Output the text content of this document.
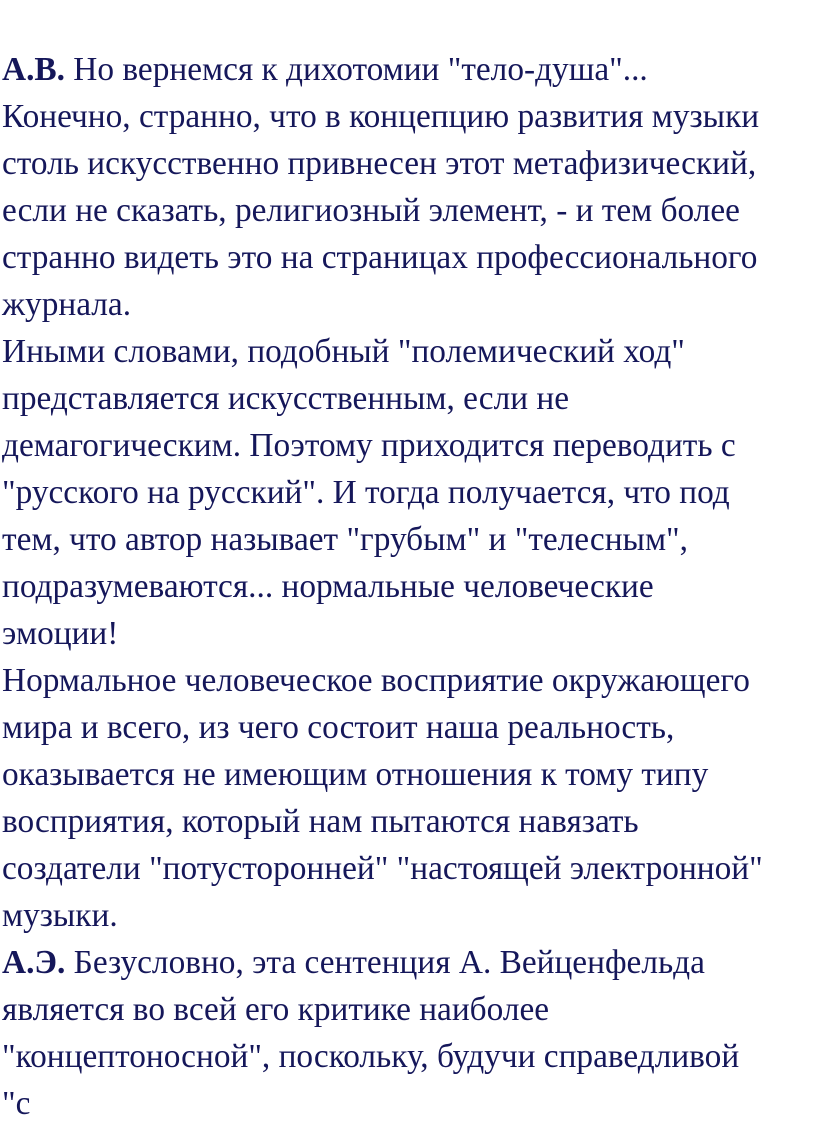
А.В. Но вернемся к дихотомии "тело-душа"...
Конечно, странно, что в концепцию развития музыки
столь искусственно привнесен этот метафизический,
если не сказать, религиозный элемент, - и тем более
странно видеть это на страницах профессионального
журнала.
Иными словами, подобный "полемический ход"
представляется искусственным, если не
демагогическим. Поэтому приходится переводить с
"русского на русский". И тогда получается, что под
тем, что автор называет "грубым" и "телесным",
подразумеваются... нормальные человеческие
эмоции!
Нормальное человеческое восприятие окружающего
мира и всего, из чего состоит наша реальность,
оказывается не имеющим отношения к тому типу
восприятия, который нам пытаются навязать
создатели "потусторонней" "настоящей электронной"
музыки.
А.Э. Безусловно, эта сентенция А. Вейценфельда
является во всей его критике наиболее
"концептоносной", поскольку, будучи справедливой
"с
